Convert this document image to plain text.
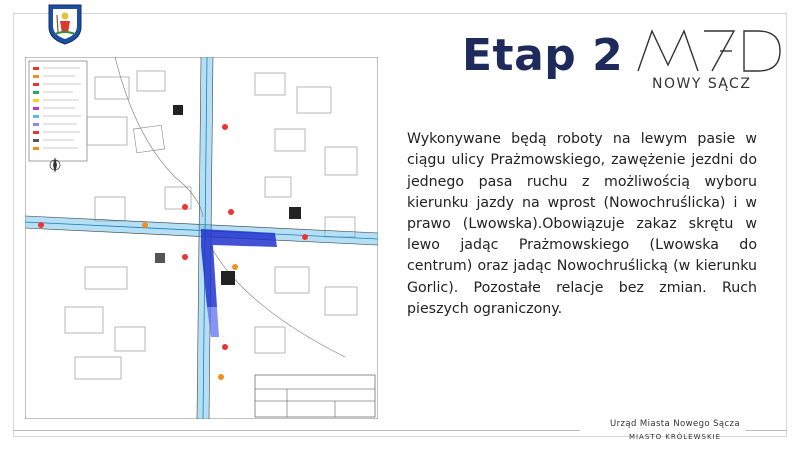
Etap 2
NOWY SĄCZ

Wykonywane będą roboty na lewym pasie w ciągu ulicy Prażmowskiego, zawężenie jezdni do jednego pasa ruchu z możliwością wyboru kierunku jazdy na wprost (Nowochruślicka) i w prawo (Lwowska).Obowiązuje zakaz skrętu w lewo jadąc Prażmowskiego (Lwowska do centrum) oraz jadąc Nowochruślicką (w kierunku Gorlic). Pozostałe relacje bez zmian. Ruch pieszych ograniczony.

Urząd Miasta Nowego Sącza
MIASTO KRÓLEWSKIE
